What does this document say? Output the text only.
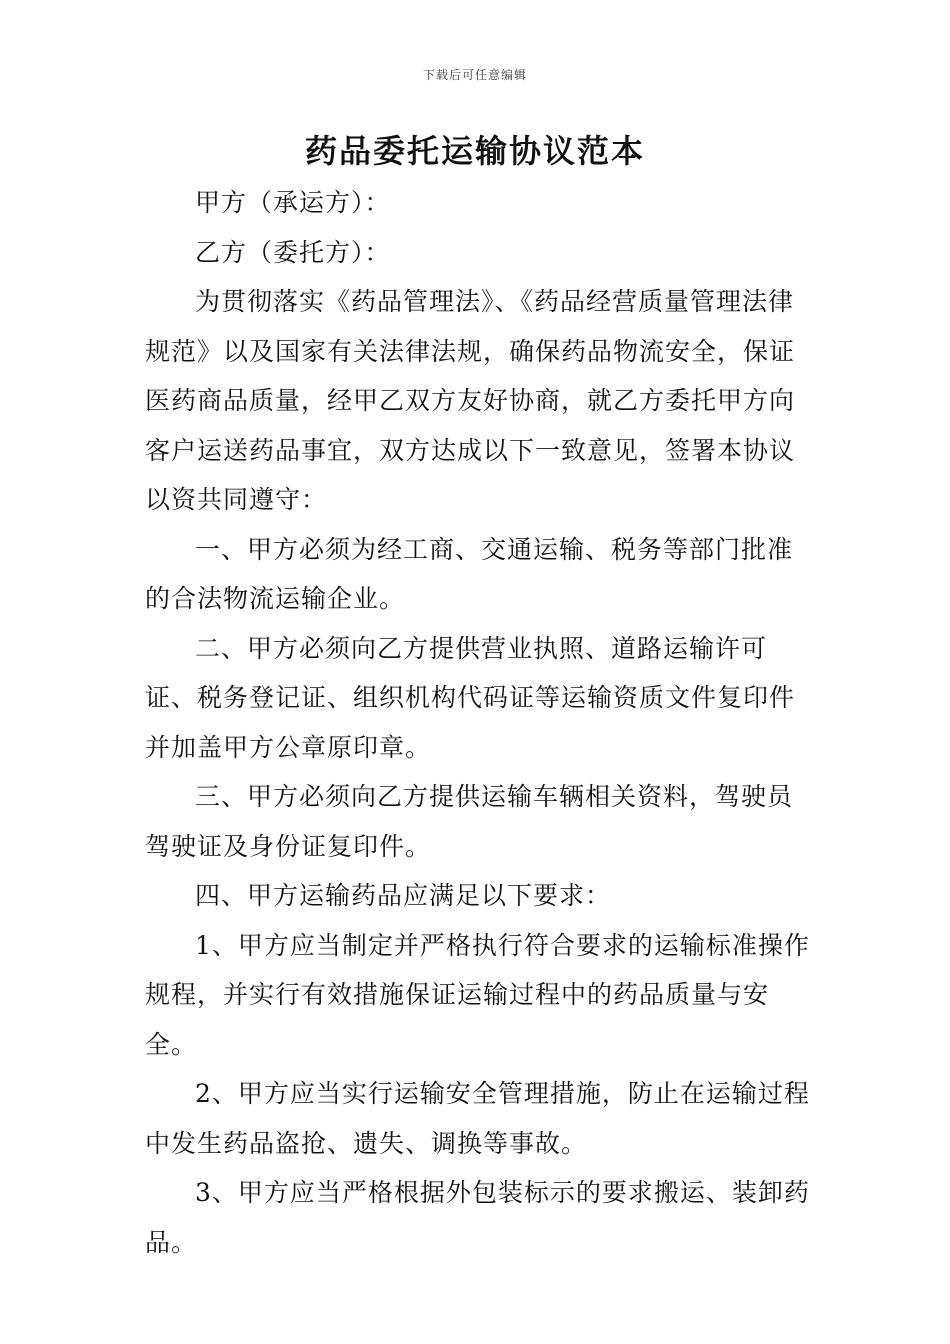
下载后可任意编辑
药品委托运输协议范本

甲方（承运方）：

乙方（委托方）：

为贯彻落实《药品管理法》、《药品经营质量管理法律规范》以及国家有关法律法规，确保药品物流安全，保证医药商品质量，经甲乙双方友好协商，就乙方委托甲方向客户运送药品事宜，双方达成以下一致意见，签署本协议以资共同遵守：

一、甲方必须为经工商、交通运输、税务等部门批准的合法物流运输企业。

二、甲方必须向乙方提供营业执照、道路运输许可证、税务登记证、组织机构代码证等运输资质文件复印件并加盖甲方公章原印章。

三、甲方必须向乙方提供运输车辆相关资料，驾驶员驾驶证及身份证复印件。

四、甲方运输药品应满足以下要求：

1、甲方应当制定并严格执行符合要求的运输标准操作规程，并实行有效措施保证运输过程中的药品质量与安全。

2、甲方应当实行运输安全管理措施，防止在运输过程中发生药品盗抢、遗失、调换等事故。

3、甲方应当严格根据外包装标示的要求搬运、装卸药品。
